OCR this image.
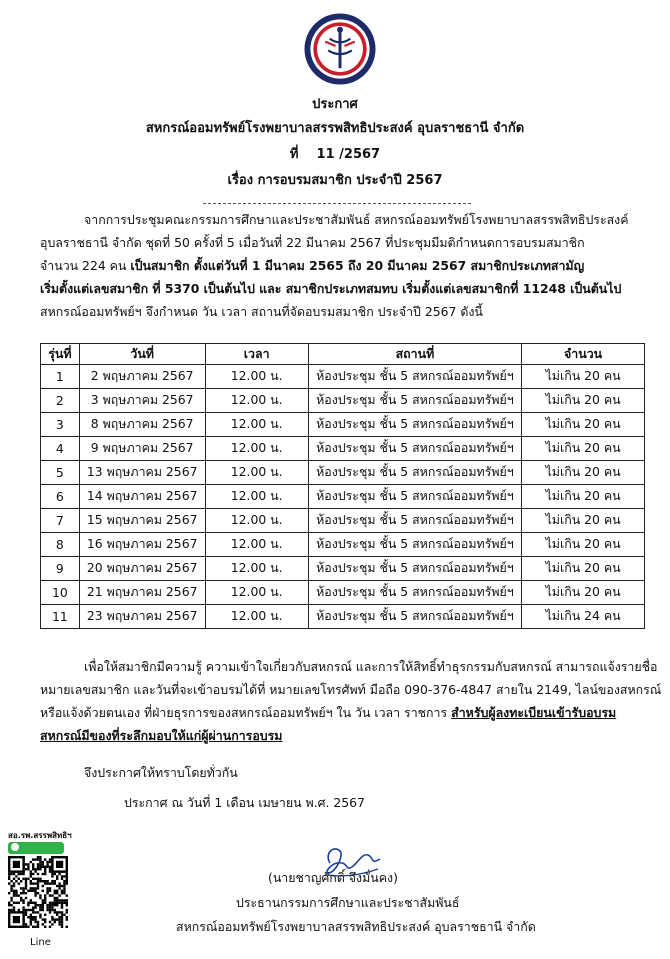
ประกาศ
สหกรณ์ออมทรัพย์โรงพยาบาลสรรพสิทธิประสงค์ อุบลราชธานี จำกัด
ที่    11 /2567
เรื่อง การอบรมสมาชิก ประจำปี 2567
จากการประชุมคณะกรรมการศึกษาและประชาสัมพันธ์ สหกรณ์ออมทรัพย์โรงพยาบาลสรรพสิทธิประสงค์
อุบลราชธานี จำกัด ชุดที่ 50 ครั้งที่ 5 เมื่อวันที่ 22 มีนาคม 2567 ที่ประชุมมีมติกำหนดการอบรมสมาชิก
จำนวน 224 คน เป็นสมาชิก ตั้งแต่วันที่ 1 มีนาคม 2565 ถึง 20 มีนาคม 2567 สมาชิกประเภทสามัญ
เริ่มตั้งแต่เลขสมาชิก ที่ 5370 เป็นต้นไป และ สมาชิกประเภทสมทบ เริ่มตั้งแต่เลขสมาชิกที่ 11248 เป็นต้นไป
สหกรณ์ออมทรัพย์ฯ จึงกำหนด วัน เวลา สถานที่จัดอบรมสมาชิก ประจำปี 2567 ดังนี้
รุ่นที่	วันที่	เวลา	สถานที่	จำนวน
1	2 พฤษภาคม 2567	12.00 น.	ห้องประชุม ชั้น 5 สหกรณ์ออมทรัพย์ฯ	ไม่เกิน 20 คน
2	3 พฤษภาคม 2567	12.00 น.	ห้องประชุม ชั้น 5 สหกรณ์ออมทรัพย์ฯ	ไม่เกิน 20 คน
3	8 พฤษภาคม 2567	12.00 น.	ห้องประชุม ชั้น 5 สหกรณ์ออมทรัพย์ฯ	ไม่เกิน 20 คน
4	9 พฤษภาคม 2567	12.00 น.	ห้องประชุม ชั้น 5 สหกรณ์ออมทรัพย์ฯ	ไม่เกิน 20 คน
5	13 พฤษภาคม 2567	12.00 น.	ห้องประชุม ชั้น 5 สหกรณ์ออมทรัพย์ฯ	ไม่เกิน 20 คน
6	14 พฤษภาคม 2567	12.00 น.	ห้องประชุม ชั้น 5 สหกรณ์ออมทรัพย์ฯ	ไม่เกิน 20 คน
7	15 พฤษภาคม 2567	12.00 น.	ห้องประชุม ชั้น 5 สหกรณ์ออมทรัพย์ฯ	ไม่เกิน 20 คน
8	16 พฤษภาคม 2567	12.00 น.	ห้องประชุม ชั้น 5 สหกรณ์ออมทรัพย์ฯ	ไม่เกิน 20 คน
9	20 พฤษภาคม 2567	12.00 น.	ห้องประชุม ชั้น 5 สหกรณ์ออมทรัพย์ฯ	ไม่เกิน 20 คน
10	21 พฤษภาคม 2567	12.00 น.	ห้องประชุม ชั้น 5 สหกรณ์ออมทรัพย์ฯ	ไม่เกิน 20 คน
11	23 พฤษภาคม 2567	12.00 น.	ห้องประชุม ชั้น 5 สหกรณ์ออมทรัพย์ฯ	ไม่เกิน 24 คน
เพื่อให้สมาชิกมีความรู้ ความเข้าใจเกี่ยวกับสหกรณ์ และการให้สิทธิ์ทำธุรกรรมกับสหกรณ์ สามารถแจ้งรายชื่อ
หมายเลขสมาชิก และวันที่จะเข้าอบรมได้ที่ หมายเลขโทรศัพท์ มือถือ 090-376-4847 สายใน 2149, ไลน์ของสหกรณ์
หรือแจ้งด้วยตนเอง ที่ฝ่ายธุรการของสหกรณ์ออมทรัพย์ฯ ใน วัน เวลา ราชการ สำหรับผู้ลงทะเบียนเข้ารับอบรม
สหกรณ์มีของที่ระลึกมอบให้แก่ผู้ผ่านการอบรม
จึงประกาศให้ทราบโดยทั่วกัน
ประกาศ ณ วันที่ 1 เดือน เมษายน พ.ศ. 2567
(นายชาญศักดิ์ จึงมั่นคง)
ประธานกรรมการศึกษาและประชาสัมพันธ์
สหกรณ์ออมทรัพย์โรงพยาบาลสรรพสิทธิประสงค์ อุบลราชธานี จำกัด
สอ.รพ.สรรพสิทธิฯ
Line
